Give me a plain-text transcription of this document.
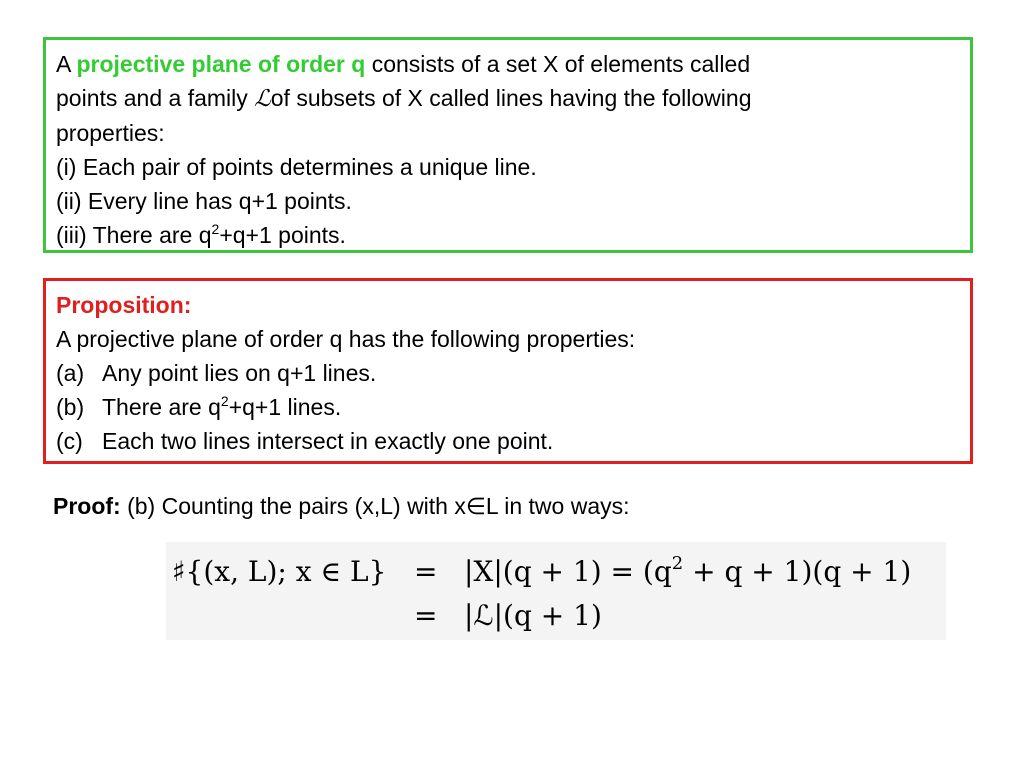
A projective plane of order q consists of a set X of elements called
points and a family ℒof subsets of X called lines having the following
properties:
(i) Each pair of points determines a unique line.
(ii) Every line has q+1 points.
(iii) There are $q^2+q+1$ points.
Proposition:
A projective plane of order q has the following properties:
(a) Any point lies on q+1 lines.
(b) There are $q^2+q+1$ lines.
(c) Each two lines intersect in exactly one point.
Proof: (b) Counting the pairs (x,L) with x∈L in two ways:
♯{(x, L); x ∈ $L\} = |X|(q + 1) = (q^2 + q + 1)(q + 1)$
= |ℒ|(q + 1)
